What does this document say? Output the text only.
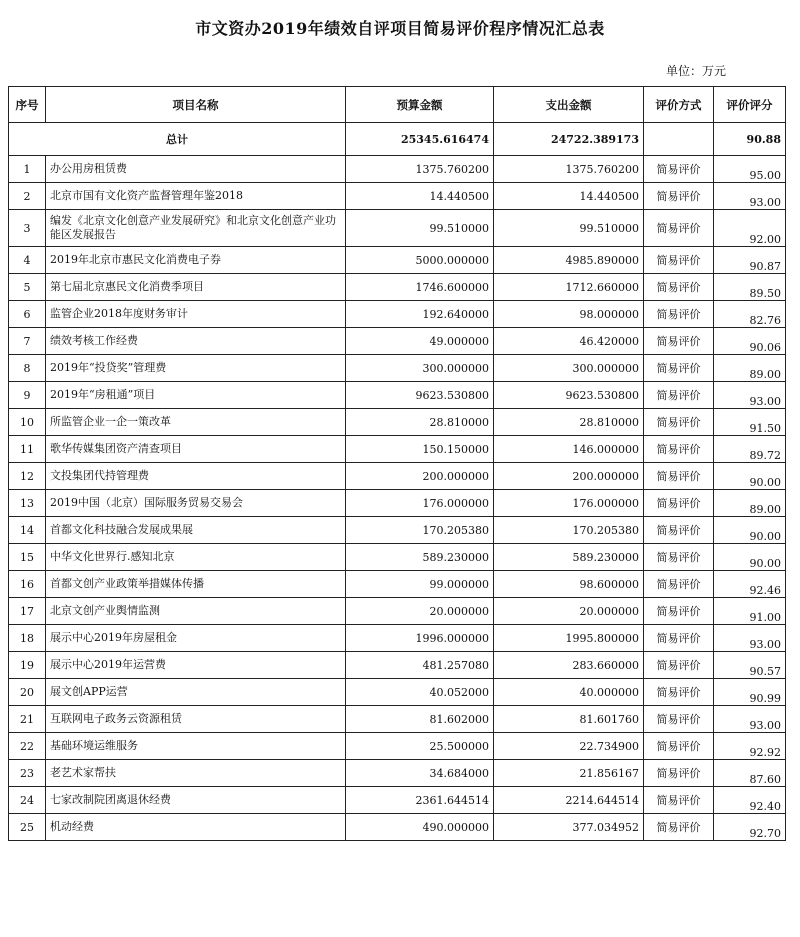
市文资办2019年绩效自评项目简易评价程序情况汇总表
单位：万元
序号	项目名称	预算金额	支出金额	评价方式	评价评分
总计		25345.616474	24722.389173		90.88
1	办公用房租赁费	1375.760200	1375.760200	简易评价	95.00
2	北京市国有文化资产监督管理年鉴2018	14.440500	14.440500	简易评价	93.00
3	编发《北京文化创意产业发展研究》和北京文化创意产业功能区发展报告	99.510000	99.510000	简易评价	92.00
4	2019年北京市惠民文化消费电子券	5000.000000	4985.890000	简易评价	90.87
5	第七届北京惠民文化消费季项目	1746.600000	1712.660000	简易评价	89.50
6	监管企业2018年度财务审计	192.640000	98.000000	简易评价	82.76
7	绩效考核工作经费	49.000000	46.420000	简易评价	90.06
8	2019年“投贷奖”管理费	300.000000	300.000000	简易评价	89.00
9	2019年“房租通”项目	9623.530800	9623.530800	简易评价	93.00
10	所监管企业一企一策改革	28.810000	28.810000	简易评价	91.50
11	歌华传媒集团资产清查项目	150.150000	146.000000	简易评价	89.72
12	文投集团代持管理费	200.000000	200.000000	简易评价	90.00
13	2019中国（北京）国际服务贸易交易会	176.000000	176.000000	简易评价	89.00
14	首都文化科技融合发展成果展	170.205380	170.205380	简易评价	90.00
15	中华文化世界行.感知北京	589.230000	589.230000	简易评价	90.00
16	首都文创产业政策举措媒体传播	99.000000	98.600000	简易评价	92.46
17	北京文创产业舆情监测	20.000000	20.000000	简易评价	91.00
18	展示中心2019年房屋租金	1996.000000	1995.800000	简易评价	93.00
19	展示中心2019年运营费	481.257080	283.660000	简易评价	90.57
20	展文创APP运营	40.052000	40.000000	简易评价	90.99
21	互联网电子政务云资源租赁	81.602000	81.601760	简易评价	93.00
22	基础环境运维服务	25.500000	22.734900	简易评价	92.92
23	老艺术家帮扶	34.684000	21.856167	简易评价	87.60
24	七家改制院团离退休经费	2361.644514	2214.644514	简易评价	92.40
25	机动经费	490.000000	377.034952	简易评价	92.70
